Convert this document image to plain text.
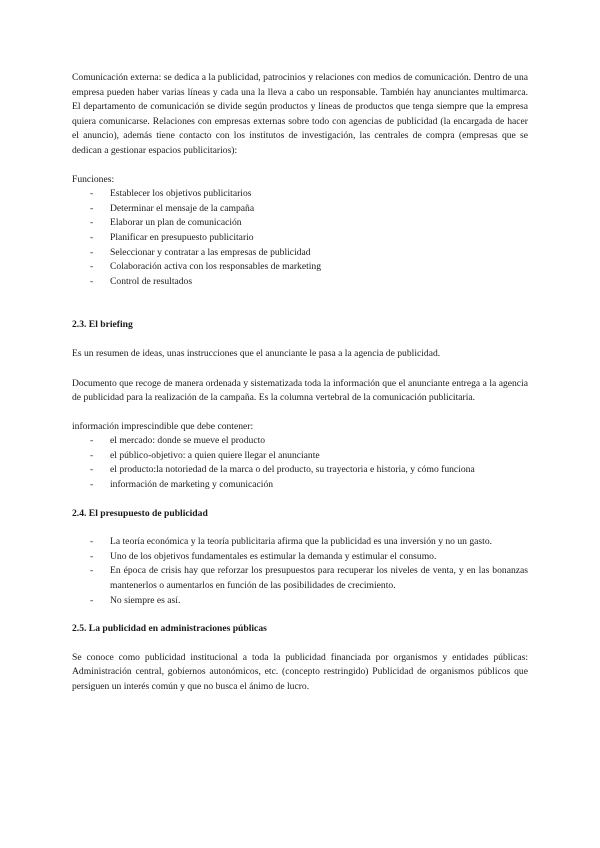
Comunicación externa: se dedica a la publicidad, patrocinios y relaciones con medios de comunicación. Dentro de una empresa pueden haber varias líneas y cada una la lleva a cabo un responsable. También hay anunciantes multimarca. El departamento de comunicación se divide según productos y líneas de productos que tenga siempre que la empresa quiera comunicarse. Relaciones con empresas externas sobre todo con agencias de publicidad (la encargada de hacer el anuncio), además tiene contacto con los institutos de investigación, las centrales de compra (empresas que se dedican a gestionar espacios publicitarios):

Funciones:
- Establecer los objetivos publicitarios
- Determinar el mensaje de la campaña
- Elaborar un plan de comunicación
- Planificar en presupuesto publicitario
- Seleccionar y contratar a las empresas de publicidad
- Colaboración activa con los responsables de marketing
- Control de resultados
2.3. El briefing

Es un resumen de ideas, unas instrucciones que el anunciante le pasa a la agencia de publicidad.

Documento que recoge de manera ordenada y sistematizada toda la información que el anunciante entrega a la agencia de publicidad para la realización de la campaña. Es la columna vertebral de la comunicación publicitaria.

información imprescindible que debe contener:
- el mercado: donde se mueve el producto
- el público-objetivo: a quien quiere llegar el anunciante
- el producto:la notoriedad de la marca o del producto, su trayectoria e historia, y cómo funciona
- información de marketing y comunicación
2.4. El presupuesto de publicidad
- La teoría económica y la teoría publicitaria afirma que la publicidad es una inversión y no un gasto.
- Uno de los objetivos fundamentales es estimular la demanda y estimular el consumo.
- En época de crisis hay que reforzar los presupuestos para recuperar los niveles de venta, y en las bonanzas mantenerlos o aumentarlos en función de las posibilidades de crecimiento.
- No siempre es así.
2.5. La publicidad en administraciones públicas

Se conoce como publicidad institucional a toda la publicidad financiada por organismos y entidades públicas: Administración central, gobiernos autonómicos, etc. (concepto restringido) Publicidad de organismos públicos que persiguen un interés común y que no busca el ánimo de lucro.
